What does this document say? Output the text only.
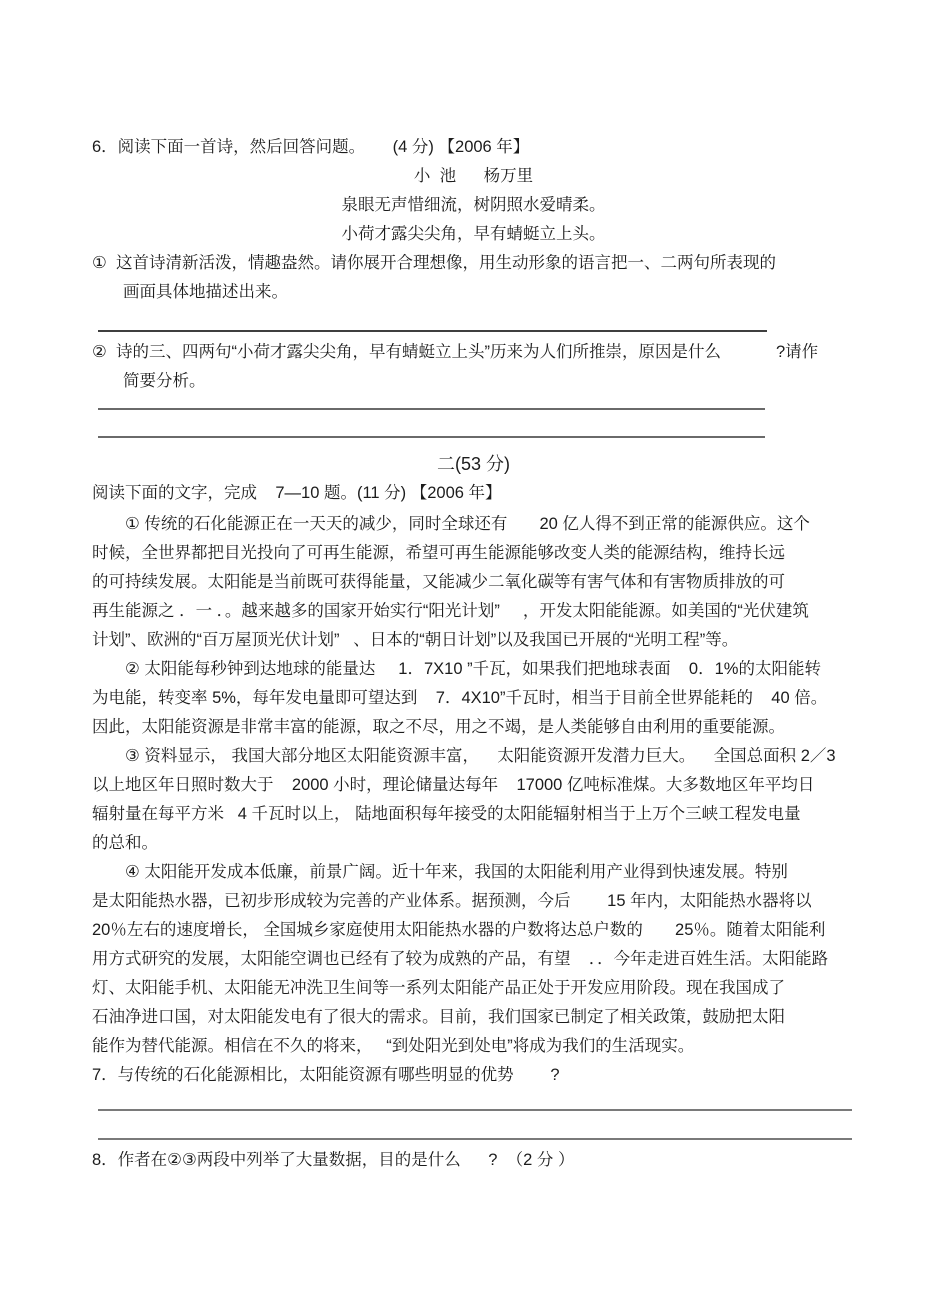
6．阅读下面一首诗，然后回答问题。      (4 分) 【2006 年】
小  池      杨万里
泉眼无声惜细流，树阴照水爱晴柔。
小荷才露尖尖角，早有蜻蜓立上头。
①  这首诗清新活泼，情趣盎然。请你展开合理想像，用生动形象的语言把一、二两句所表现的
画面具体地描述出来。
②  诗的三、四两句“小荷才露尖尖角，早有蜻蜓立上头”历来为人们所推崇，原因是什么            ?请作
简要分析。
二(53 分)
阅读下面的文字，完成    7—10 题。(11 分) 【2006 年】
① 传统的石化能源正在一天天的减少，同时全球还有       20 亿人得不到正常的能源供应。这个
时候，全世界都把目光投向了可再生能源，希望可再生能源能够改变人类的能源结构，维持长远
的可持续发展。太阳能是当前既可获得能量，又能减少二氧化碳等有害气体和有害物质排放的可
再生能源之 ．一 ．。越来越多的国家开始实行“阳光计划”     ，开发太阳能能源。如美国的“光伏建筑
计划”、欧洲的“百万屋顶光伏计划”   、日本的“朝日计划”以及我国已开展的“光明工程”等。
② 太阳能每秒钟到达地球的能量达     1．7X10 ”千瓦，如果我们把地球表面    0．1%的太阳能转
为电能，转变率 5%，每年发电量即可望达到    7．4X10”千瓦时，相当于目前全世界能耗的    40 倍。
因此，太阳能资源是非常丰富的能源，取之不尽，用之不竭，是人类能够自由利用的重要能源。
③ 资料显示， 我国大部分地区太阳能资源丰富，    太阳能资源开发潜力巨大。    全国总面积 2／3
以上地区年日照时数大于    2000 小时，理论储量达每年    17000 亿吨标准煤。大多数地区年平均日
辐射量在每平方米   4 千瓦时以上， 陆地面积每年接受的太阳能辐射相当于上万个三峡工程发电量
的总和。
④ 太阳能开发成本低廉，前景广阔。近十年来，我国的太阳能利用产业得到快速发展。特别
是太阳能热水器，已初步形成较为完善的产业体系。据预测，今后        15 年内，太阳能热水器将以
20％左右的速度增长， 全国城乡家庭使用太阳能热水器的户数将达总户数的       25％。随着太阳能利
用方式研究的发展，太阳能空调也已经有了较为成熟的产品，有望    ．．今年走进百姓生活。太阳能路
灯、太阳能手机、太阳能无冲洗卫生间等一系列太阳能产品正处于开发应用阶段。现在我国成了
石油净进口国，对太阳能发电有了很大的需求。目前，我们国家已制定了相关政策，鼓励把太阳
能作为替代能源。相信在不久的将来，   “到处阳光到处电”将成为我们的生活现实。
7．与传统的石化能源相比，太阳能资源有哪些明显的优势        ?
8．作者在②③两段中列举了大量数据，目的是什么      ?  （2 分 ）
